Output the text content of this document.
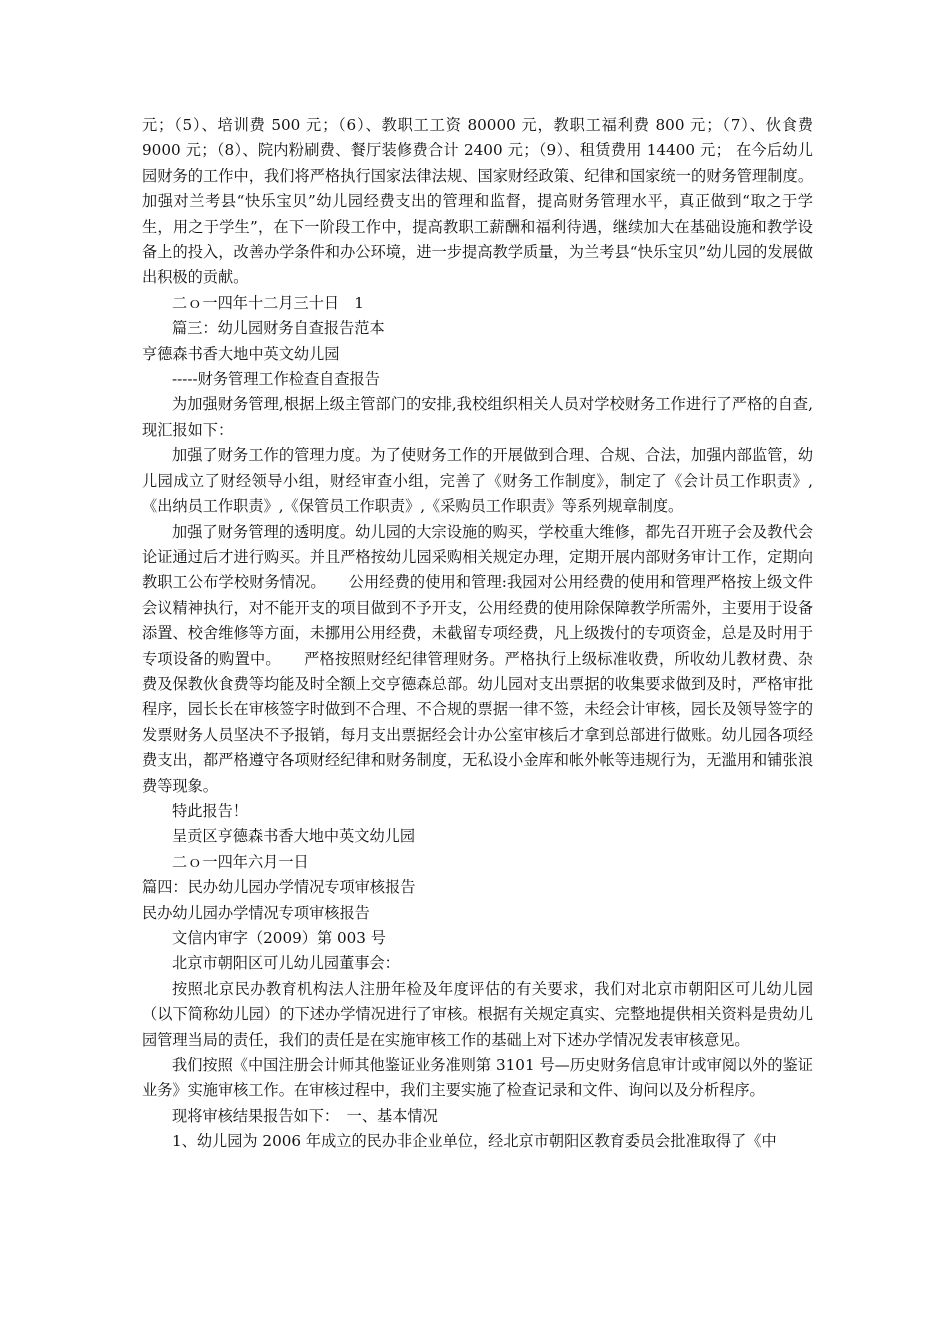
元；（5）、培训费 500 元；（6）、教职工工资 80000 元，教职工福利费 800 元；（7）、伙食费 9000 元；（8）、院内粉刷费、餐厅装修费合计 2400 元；（9）、租赁费用 14400 元； 在今后幼儿园财务的工作中，我们将严格执行国家法律法规、国家财经政策、纪律和国家统一的财务管理制度。加强对兰考县“快乐宝贝”幼儿园经费支出的管理和监督，提高财务管理水平，真正做到“取之于学生，用之于学生”，在下一阶段工作中，提高教职工薪酬和福利待遇，继续加大在基础设施和教学设备上的投入，改善办学条件和办公环境，进一步提高教学质量，为兰考县“快乐宝贝”幼儿园的发展做出积极的贡献。

二ｏ一四年十二月三十日　1

篇三：幼儿园财务自查报告范本

亨德森书香大地中英文幼儿园

-----财务管理工作检查自查报告

为加强财务管理,根据上级主管部门的安排,我校组织相关人员对学校财务工作进行了严格的自查,现汇报如下：

加强了财务工作的管理力度。为了使财务工作的开展做到合理、合规、合法，加强内部监管，幼儿园成立了财经领导小组，财经审查小组，完善了《财务工作制度》，制定了《会计员工作职责》,《出纳员工作职责》,《保管员工作职责》,《采购员工作职责》等系列规章制度。

加强了财务管理的透明度。幼儿园的大宗设施的购买，学校重大维修，都先召开班子会及教代会论证通过后才进行购买。并且严格按幼儿园采购相关规定办理，定期开展内部财务审计工作，定期向教职工公布学校财务情况。　　公用经费的使用和管理:我园对公用经费的使用和管理严格按上级文件会议精神执行，对不能开支的项目做到不予开支，公用经费的使用除保障教学所需外，主要用于设备添置、校舍维修等方面，未挪用公用经费，未截留专项经费，凡上级拨付的专项资金，总是及时用于专项设备的购置中。　　严格按照财经纪律管理财务。严格执行上级标准收费，所收幼儿教材费、杂费及保教伙食费等均能及时全额上交亨德森总部。幼儿园对支出票据的收集要求做到及时，严格审批程序，园长长在审核签字时做到不合理、不合规的票据一律不签，未经会计审核，园长及领导签字的发票财务人员坚决不予报销，每月支出票据经会计办公室审核后才拿到总部进行做账。幼儿园各项经费支出，都严格遵守各项财经纪律和财务制度，无私设小金库和帐外帐等违规行为，无滥用和铺张浪费等现象。

特此报告！

呈贡区亨德森书香大地中英文幼儿园

二ｏ一四年六月一日

篇四：民办幼儿园办学情况专项审核报告

民办幼儿园办学情况专项审核报告

文信内审字（2009）第 003 号

北京市朝阳区可儿幼儿园董事会：

按照北京民办教育机构法人注册年检及年度评估的有关要求，我们对北京市朝阳区可儿幼儿园（以下简称幼儿园）的下述办学情况进行了审核。根据有关规定真实、完整地提供相关资料是贵幼儿园管理当局的责任，我们的责任是在实施审核工作的基础上对下述办学情况发表审核意见。

我们按照《中国注册会计师其他鉴证业务准则第 3101 号—历史财务信息审计或审阅以外的鉴证业务》实施审核工作。在审核过程中，我们主要实施了检查记录和文件、询问以及分析程序。

现将审核结果报告如下：　一、基本情况

1、幼儿园为 2006 年成立的民办非企业单位，经北京市朝阳区教育委员会批准取得了《中
